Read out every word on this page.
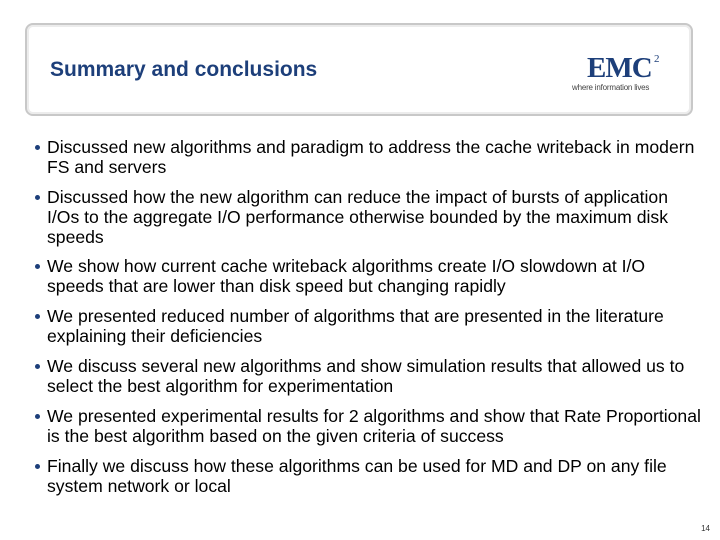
Summary and conclusions	EMC 2
where information lives
Discussed new algorithms and paradigm to address the cache writeback in modern FS and servers
Discussed how the new algorithm can reduce the impact of bursts of application I/Os to the aggregate I/O performance otherwise bounded by the maximum disk speeds
We show how current cache writeback algorithms create I/O slowdown at I/O speeds that are lower than disk speed but changing rapidly
We presented reduced number of algorithms that are presented in the literature explaining their deficiencies
We discuss several new algorithms and show simulation results that allowed us to select the best algorithm for experimentation
We presented experimental results for 2 algorithms and show that Rate Proportional is the best algorithm based on the given criteria of success
Finally we discuss how these algorithms can be used for MD and DP on any file system network or local
14
